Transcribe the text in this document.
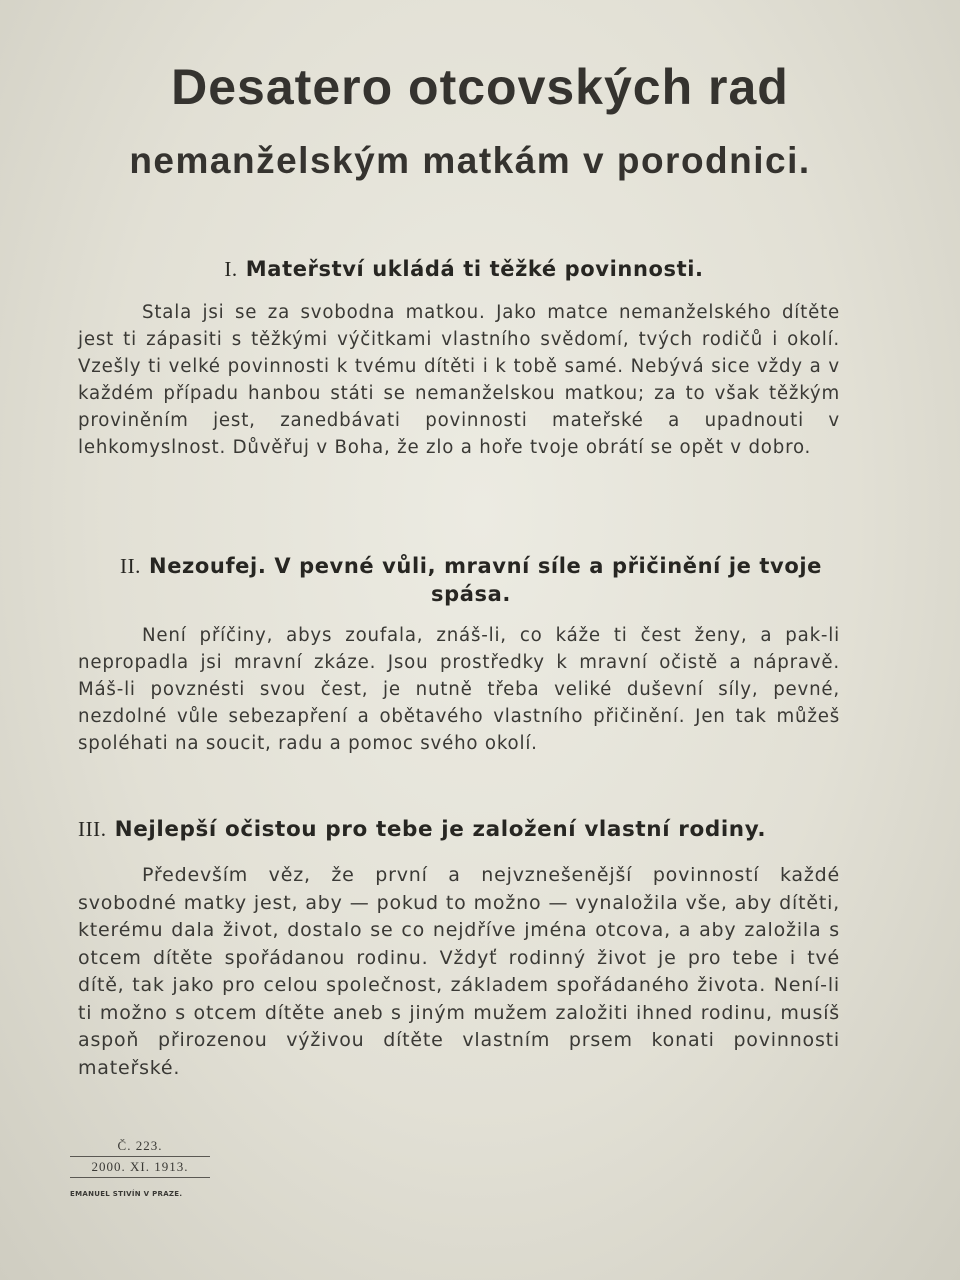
Desatero otcovských rad
nemanželským matkám v porodnici.
I. Mateřství ukládá ti těžké povinnosti.

Stala jsi se za svobodna matkou. Jako matce nemanželského dítěte jest ti zápasiti s těžkými výčitkami vlastního svědomí, tvých rodičů i okolí. Vzešly ti velké povinnosti k tvému dítěti i k tobě samé. Nebývá sice vždy a v každém případu hanbou státi se nemanželskou matkou; za to však těžkým proviněním jest, zanedbávati povinnosti mateřské a upadnouti v lehkomyslnost. Důvěřuj v Boha, že zlo a hoře tvoje obrátí se opět v dobro.

II. Nezoufej. V pevné vůli, mravní síle a přičinění je tvoje spása.

Není příčiny, abys zoufala, znáš-li, co káže ti čest ženy, a pak-li nepropadla jsi mravní zkáze. Jsou prostředky k mravní očistě a nápravě. Máš-li povznésti svou čest, je nutně třeba veliké duševní síly, pevné, nezdolné vůle sebezapření a obětavého vlastního přičinění. Jen tak můžeš spoléhati na soucit, radu a pomoc svého okolí.

III. Nejlepší očistou pro tebe je založení vlastní rodiny.

Především věz, že první a nejvznešenější povinností každé svobodné matky jest, aby — pokud to možno — vynaložila vše, aby dítěti, kterému dala život, dostalo se co nejdříve jména otcova, a aby založila s otcem dítěte spořádanou rodinu. Vždyť rodinný život je pro tebe i tvé dítě, tak jako pro celou společnost, základem spořádaného života. Není-li ti možno s otcem dítěte aneb s jiným mužem založiti ihned rodinu, musíš aspoň přirozenou výživou dítěte vlastním prsem konati povinnosti mateřské.

Č. 223.
2000. XI. 1913.
EMANUEL STIVÍN V PRAZE.
